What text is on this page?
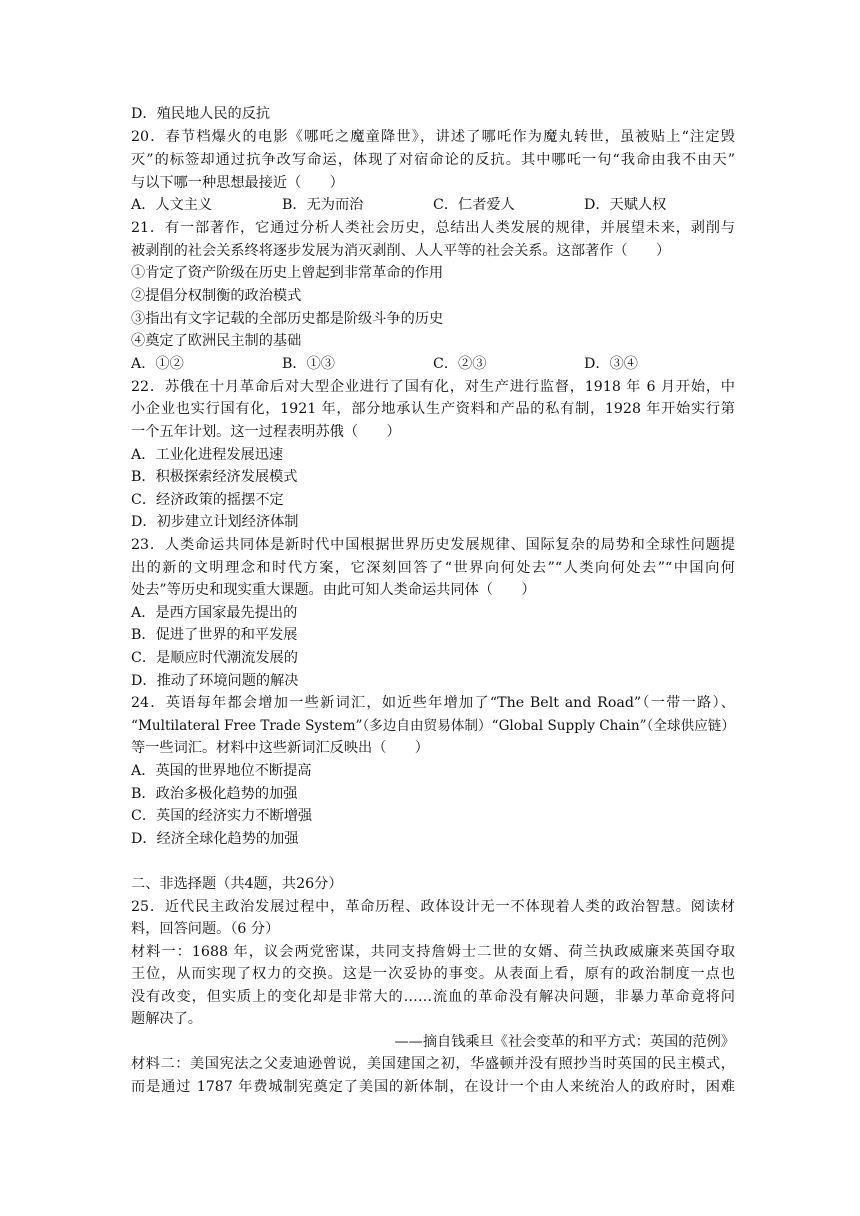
D．殖民地人民的反抗
20．春节档爆火的电影《哪吒之魔童降世》，讲述了哪吒作为魔丸转世，虽被贴上“注定毁
灭”的标签却通过抗争改写命运，体现了对宿命论的反抗。其中哪吒一句“我命由我不由天”
与以下哪一种思想最接近（　　）
A．人文主义	B．无为而治	C．仁者爱人	D．天赋人权
21．有一部著作，它通过分析人类社会历史，总结出人类发展的规律，并展望未来，剥削与
被剥削的社会关系终将逐步发展为消灭剥削、人人平等的社会关系。这部著作（　　）
①肯定了资产阶级在历史上曾起到非常革命的作用
②提倡分权制衡的政治模式
③指出有文字记载的全部历史都是阶级斗争的历史
④奠定了欧洲民主制的基础
A．①②	B．①③	C．②③	D．③④
22．苏俄在十月革命后对大型企业进行了国有化，对生产进行监督，1918 年 6 月开始，中
小企业也实行国有化，1921 年，部分地承认生产资料和产品的私有制，1928 年开始实行第
一个五年计划。这一过程表明苏俄（　　）
A．工业化进程发展迅速
B．积极探索经济发展模式
C．经济政策的摇摆不定
D．初步建立计划经济体制
23．人类命运共同体是新时代中国根据世界历史发展规律、国际复杂的局势和全球性问题提
出的新的文明理念和时代方案，它深刻回答了“世界向何处去”“人类向何处去”“中国向何
处去”等历史和现实重大课题。由此可知人类命运共同体（　　）
A．是西方国家最先提出的
B．促进了世界的和平发展
C．是顺应时代潮流发展的
D．推动了环境问题的解决
24．英语每年都会增加一些新词汇，如近些年增加了“The Belt and Road”（一带一路）、
“Multilateral Free Trade System”（多边自由贸易体制）“Global Supply Chain”（全球供应链）
等一些词汇。材料中这些新词汇反映出（　　）
A．英国的世界地位不断提高
B．政治多极化趋势的加强
C．英国的经济实力不断增强
D．经济全球化趋势的加强
二、非选择题（共4题，共26分）
25．近代民主政治发展过程中，革命历程、政体设计无一不体现着人类的政治智慧。阅读材
料，回答问题。（6 分）
材料一：1688 年，议会两党密谋，共同支持詹姆士二世的女婿、荷兰执政威廉来英国夺取
王位，从而实现了权力的交换。这是一次妥协的事变。从表面上看，原有的政治制度一点也
没有改变，但实质上的变化却是非常大的……流血的革命没有解决问题，非暴力革命竟将问
题解决了。
——摘自钱乘旦《社会变革的和平方式：英国的范例》
材料二：美国宪法之父麦迪逊曾说，美国建国之初，华盛顿并没有照抄当时英国的民主模式，
而是通过 1787 年费城制宪奠定了美国的新体制，在设计一个由人来统治人的政府时，困难
